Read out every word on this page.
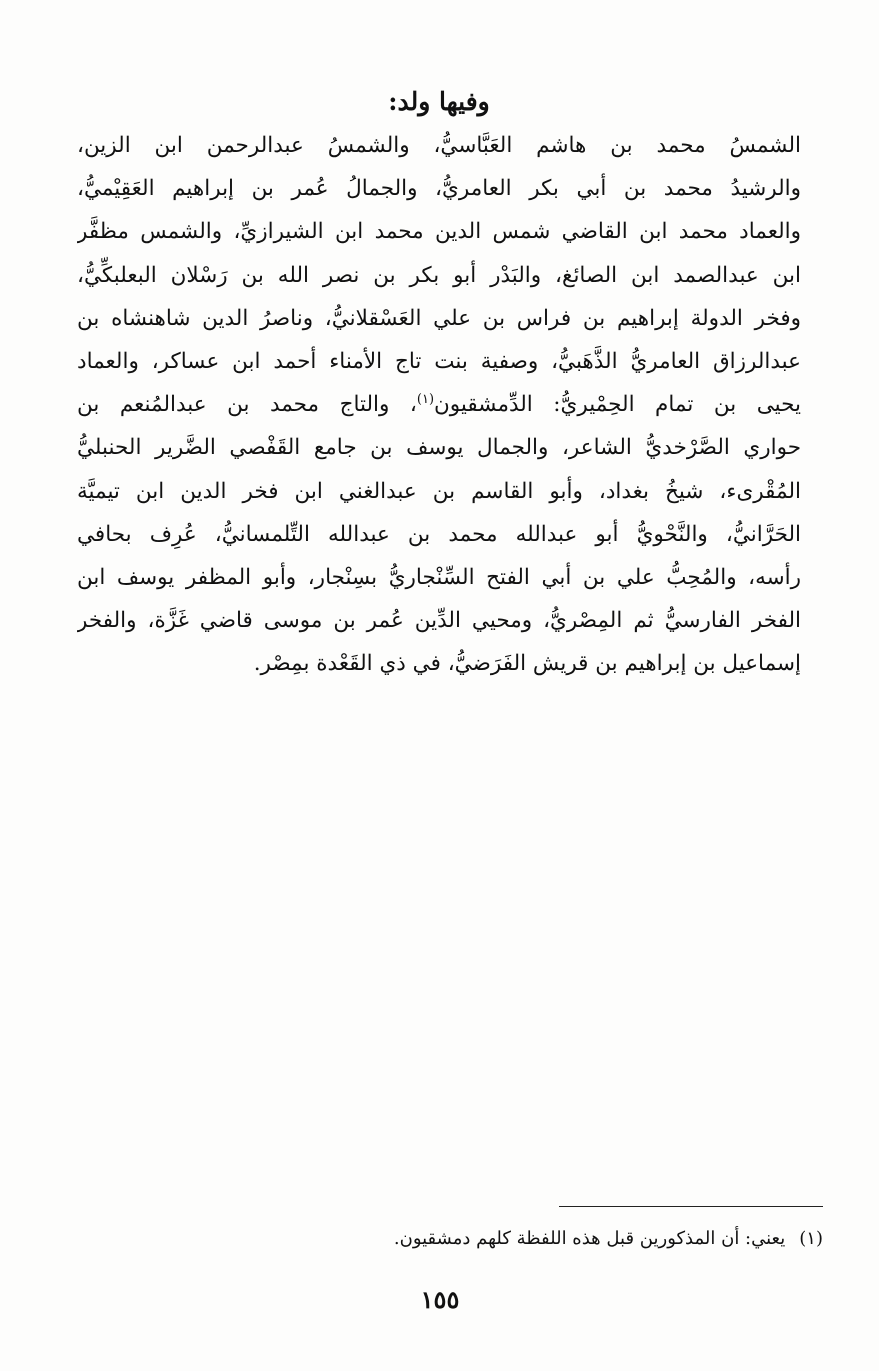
وفيها ولد:
الشمسُ محمد بن هاشم العَبَّاسيُّ، والشمسُ عبدالرحمن ابن الزين،
والرشيدُ محمد بن أبي بكر العامريُّ، والجمالُ عُمر بن إبراهيم العَقِيْميُّ،
والعماد محمد ابن القاضي شمس الدين محمد ابن الشيرازيِّ، والشمس مظفَّر
ابن عبدالصمد ابن الصائغ، والبَدْر أبو بكر بن نصر الله بن رَسْلان البعلبكِّيُّ،
وفخر الدولة إبراهيم بن فراس بن علي العَسْقلانيُّ، وناصرُ الدين شاهنشاه بن
عبدالرزاق العامريُّ الذَّهَبيُّ، وصفية بنت تاج الأمناء أحمد ابن عساكر، والعماد
يحيى بن تمام الحِمْيريُّ: الدِّمشقيون$^{(١)}$، والتاج محمد بن عبدالمُنعم بن
حواري الصَّرْخديُّ الشاعر، والجمال يوسف بن جامع القَفْصي الضَّرير الحنبليُّ
المُقْرىء، شيخُ بغداد، وأبو القاسم بن عبدالغني ابن فخر الدين ابن تيميَّة
الحَرَّانيُّ، والنَّحْويُّ أبو عبدالله محمد بن عبدالله التِّلمسانيُّ، عُرِف بحافي
رأسه، والمُحِبُّ علي بن أبي الفتح السِّنْجاريُّ بسِنْجار، وأبو المظفر يوسف ابن
الفخر الفارسيُّ ثم المِصْريُّ، ومحيي الدِّين عُمر بن موسى قاضي غَزَّة، والفخر
إسماعيل بن إبراهيم بن قريش الفَرَضيُّ، في ذي القَعْدة بمِصْر.
(١)يعني: أن المذكورين قبل هذه اللفظة كلهم دمشقيون.
١٥٥
